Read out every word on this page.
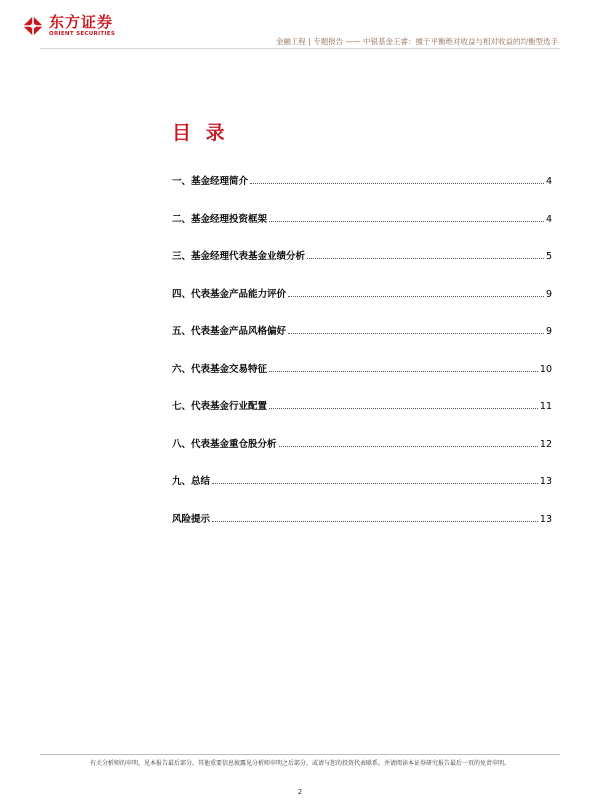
东方证券
ORIENT SECURITIES
金融工程 | 专题报告 —— 中银基金王睿：擅于平衡绝对收益与相对收益的均衡型选手
目 录
一、基金经理简介	4
二、基金经理投资框架	4
三、基金经理代表基金业绩分析	5
四、代表基金产品能力评价	9
五、代表基金产品风格偏好	9
六、代表基金交易特征	10
七、代表基金行业配置	11
八、代表基金重仓股分析	12
九、总结	13
风险提示	13
有关分析师的申明，见本报告最后部分。其他重要信息披露见分析师申明之后部分，或请与您的投资代表联系。并请阅读本证券研究报告最后一页的免责申明。
2
